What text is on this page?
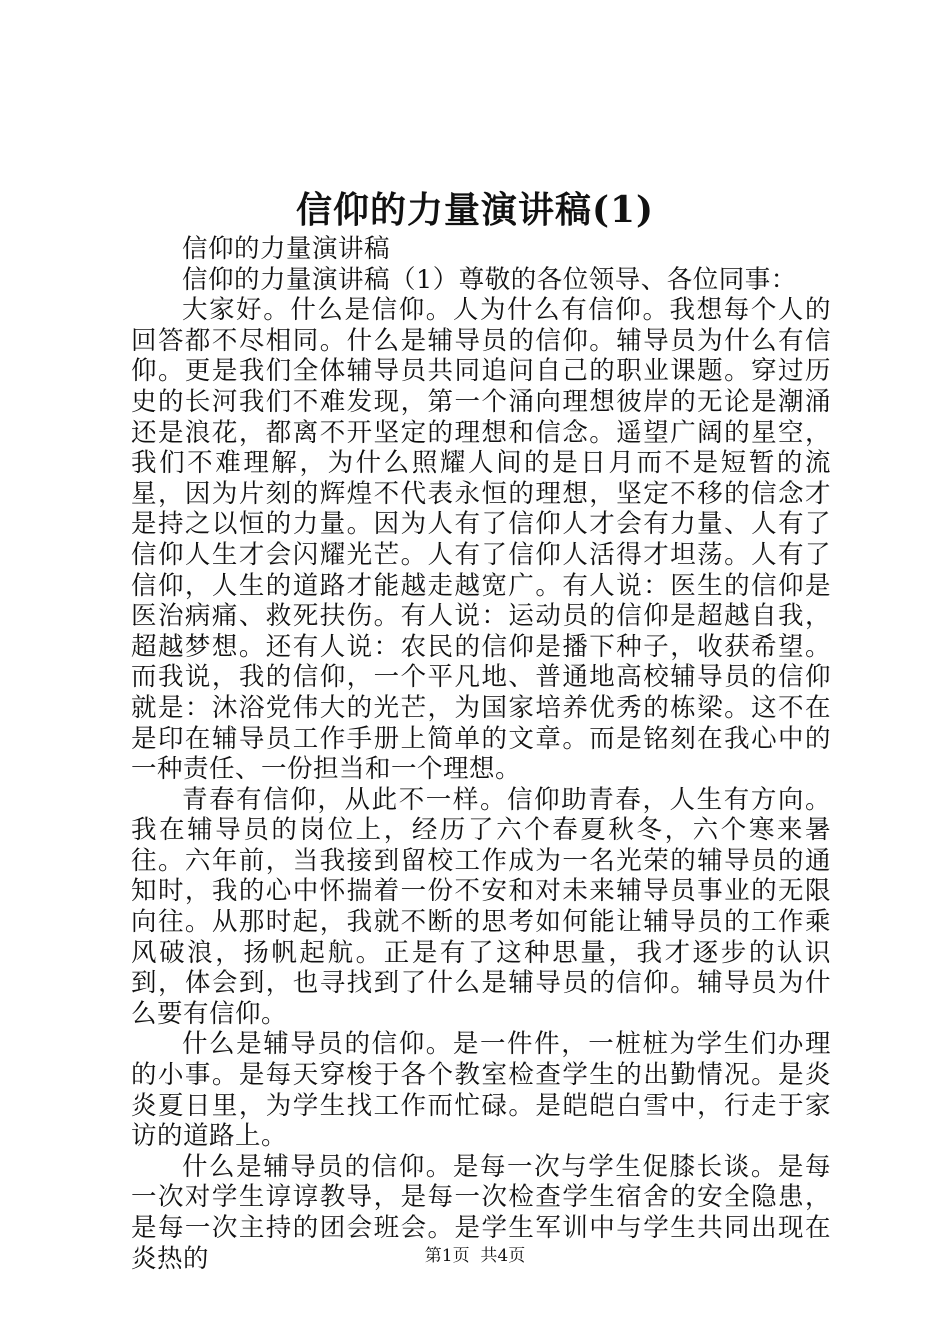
信仰的力量演讲稿(1)

信仰的力量演讲稿

信仰的力量演讲稿（1）尊敬的各位领导、各位同事：

大家好。什么是信仰。人为什么有信仰。我想每个人的回答都不尽相同。什么是辅导员的信仰。辅导员为什么有信仰。更是我们全体辅导员共同追问自己的职业课题。穿过历史的长河我们不难发现，第一个涌向理想彼岸的无论是潮涌还是浪花，都离不开坚定的理想和信念。遥望广阔的星空，我们不难理解，为什么照耀人间的是日月而不是短暂的流星，因为片刻的辉煌不代表永恒的理想，坚定不移的信念才是持之以恒的力量。因为人有了信仰人才会有力量、人有了信仰人生才会闪耀光芒。人有了信仰人活得才坦荡。人有了信仰，人生的道路才能越走越宽广。有人说：医生的信仰是医治病痛、救死扶伤。有人说：运动员的信仰是超越自我，超越梦想。还有人说：农民的信仰是播下种子，收获希望。而我说，我的信仰，一个平凡地、普通地高校辅导员的信仰就是：沐浴党伟大的光芒，为国家培养优秀的栋梁。这不在是印在辅导员工作手册上简单的文章。而是铭刻在我心中的一种责任、一份担当和一个理想。

青春有信仰，从此不一样。信仰助青春，人生有方向。我在辅导员的岗位上，经历了六个春夏秋冬，六个寒来暑往。六年前，当我接到留校工作成为一名光荣的辅导员的通知时，我的心中怀揣着一份不安和对未来辅导员事业的无限向往。从那时起，我就不断的思考如何能让辅导员的工作乘风破浪，扬帆起航。正是有了这种思量，我才逐步的认识到，体会到，也寻找到了什么是辅导员的信仰。辅导员为什么要有信仰。

什么是辅导员的信仰。是一件件，一桩桩为学生们办理的小事。是每天穿梭于各个教室检查学生的出勤情况。是炎炎夏日里，为学生找工作而忙碌。是皑皑白雪中，行走于家访的道路上。

什么是辅导员的信仰。是每一次与学生促膝长谈。是每一次对学生谆谆教导，是每一次检查学生宿舍的安全隐患，是每一次主持的团会班会。是学生军训中与学生共同出现在炎热的	第1页 共4页
